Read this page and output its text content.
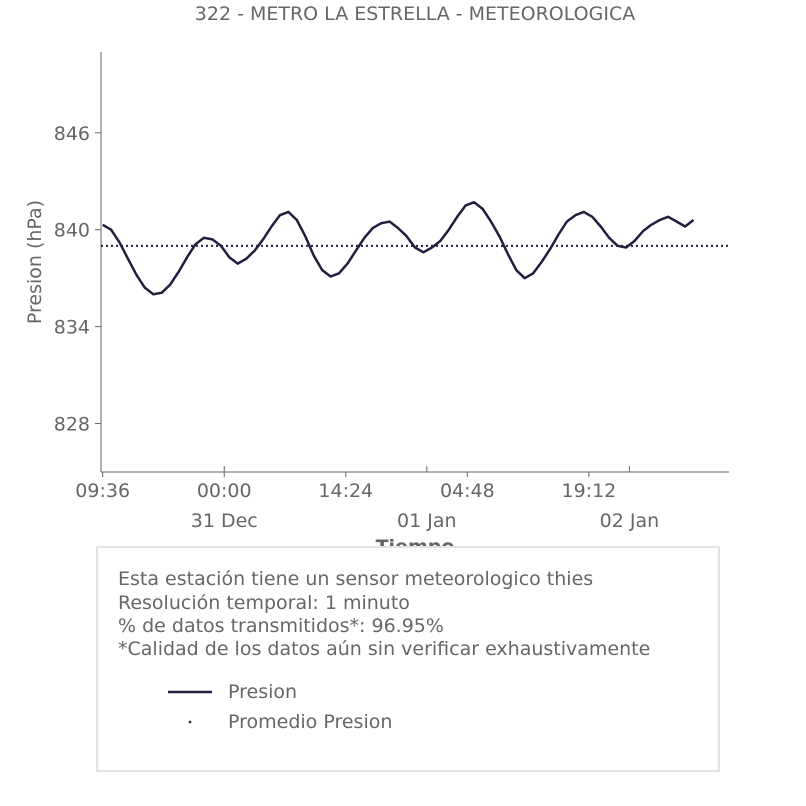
322 - METRO LA ESTRELLA - METEOROLOGICA
828
834
840
846
09:36	00:00	14:24	04:48	19:12
31 Dec	01 Jan	02 Jan
Presion (hPa)
Esta estación tiene un sensor meteorologico thies
Resolución temporal: 1 minuto
% de datos transmitidos*: 96.95%
*Calidad de los datos aún sin verificar exhaustivamente
Presion
Promedio Presion
